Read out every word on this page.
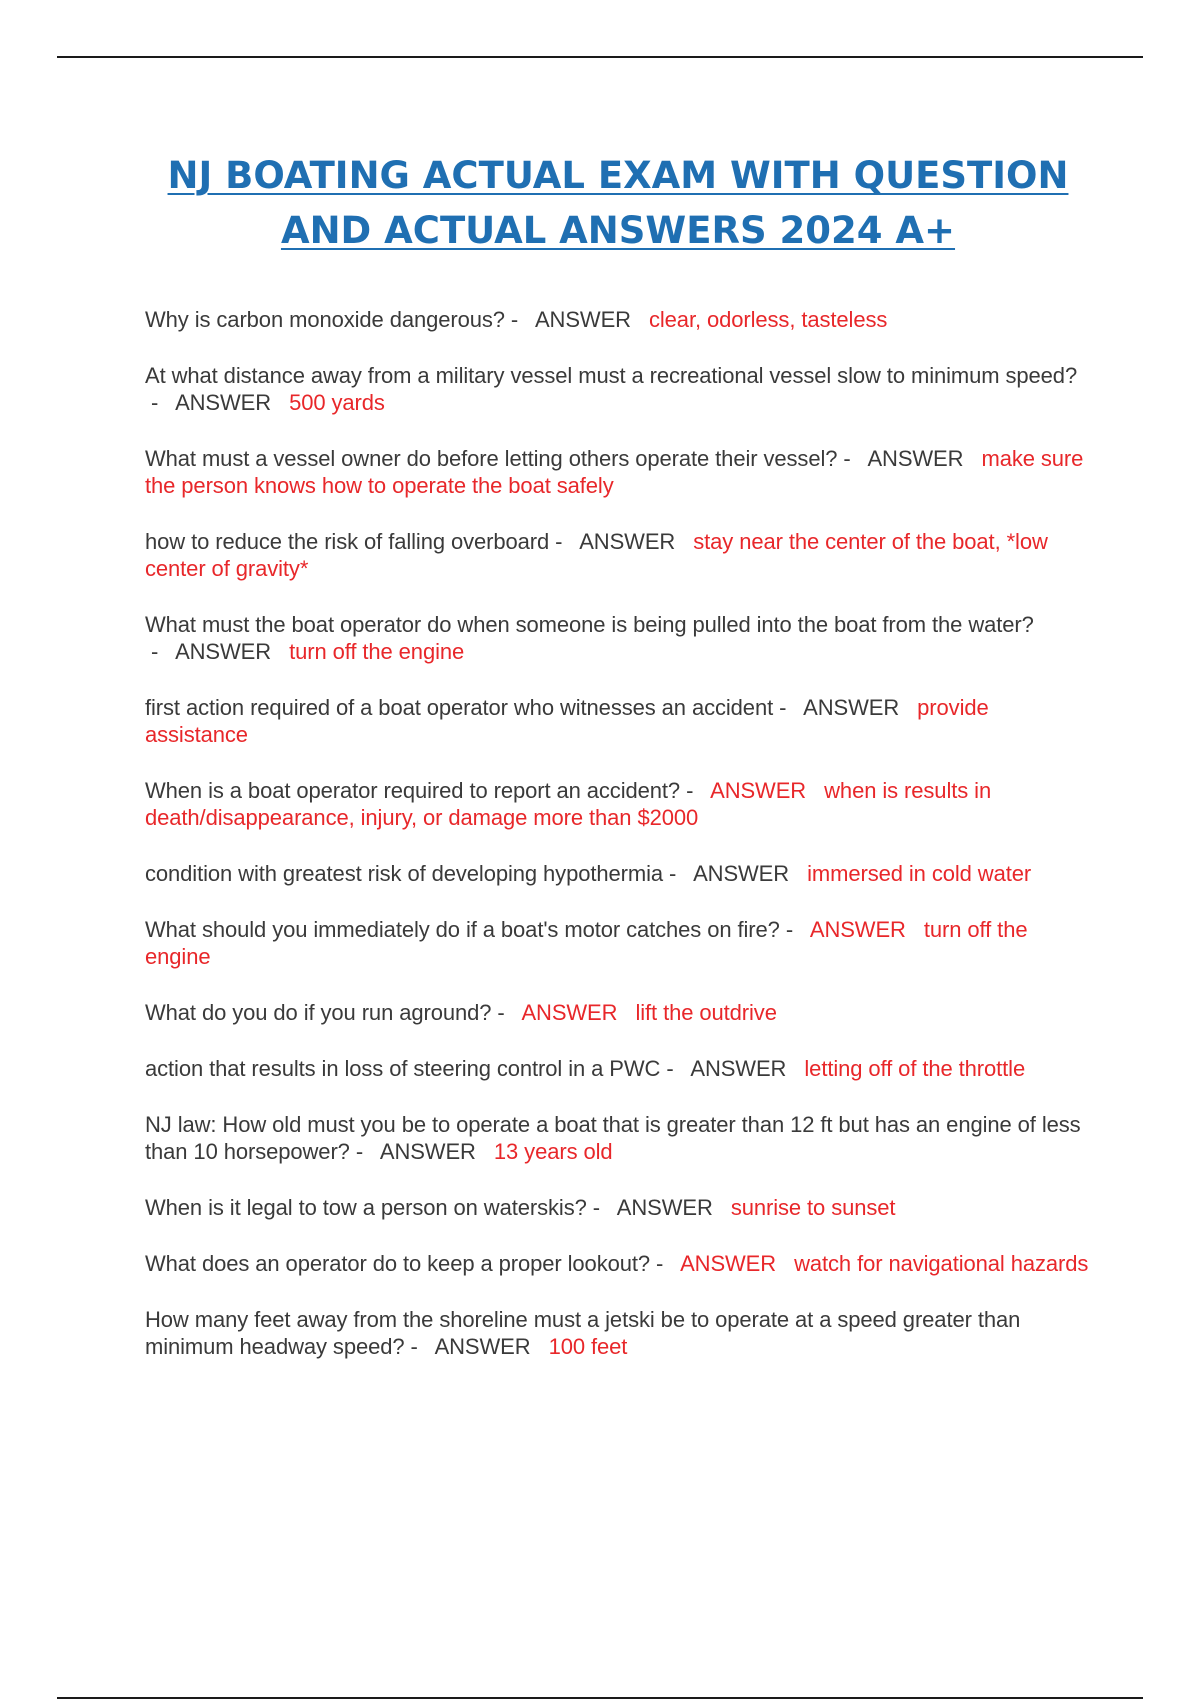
NJ BOATING ACTUAL EXAM WITH QUESTION
AND ACTUAL ANSWERS 2024 A+
Why is carbon monoxide dangerous? -   ANSWER clear, odorless, tasteless
At what distance away from a military vessel must a recreational vessel slow to minimum speed? -   ANSWER 500 yards
What must a vessel owner do before letting others operate their vessel? -   ANSWER make sure the person knows how to operate the boat safely
how to reduce the risk of falling overboard -   ANSWER stay near the center of the boat, *low center of gravity*
What must the boat operator do when someone is being pulled into the boat from the water? -   ANSWER turn off the engine
first action required of a boat operator who witnesses an accident -   ANSWER provide assistance
When is a boat operator required to report an accident? -   ANSWER when is results in death/disappearance, injury, or damage more than $2000
condition with greatest risk of developing hypothermia -   ANSWER immersed in cold water
What should you immediately do if a boat's motor catches on fire? -   ANSWER turn off the engine
What do you do if you run aground? -   ANSWER lift the outdrive
action that results in loss of steering control in a PWC -   ANSWER letting off of the throttle
NJ law: How old must you be to operate a boat that is greater than 12 ft but has an engine of less than 10 horsepower? -   ANSWER 13 years old
When is it legal to tow a person on waterskis? -   ANSWER sunrise to sunset
What does an operator do to keep a proper lookout? -   ANSWER watch for navigational hazards
How many feet away from the shoreline must a jetski be to operate at a speed greater than minimum headway speed? -   ANSWER 100 feet
